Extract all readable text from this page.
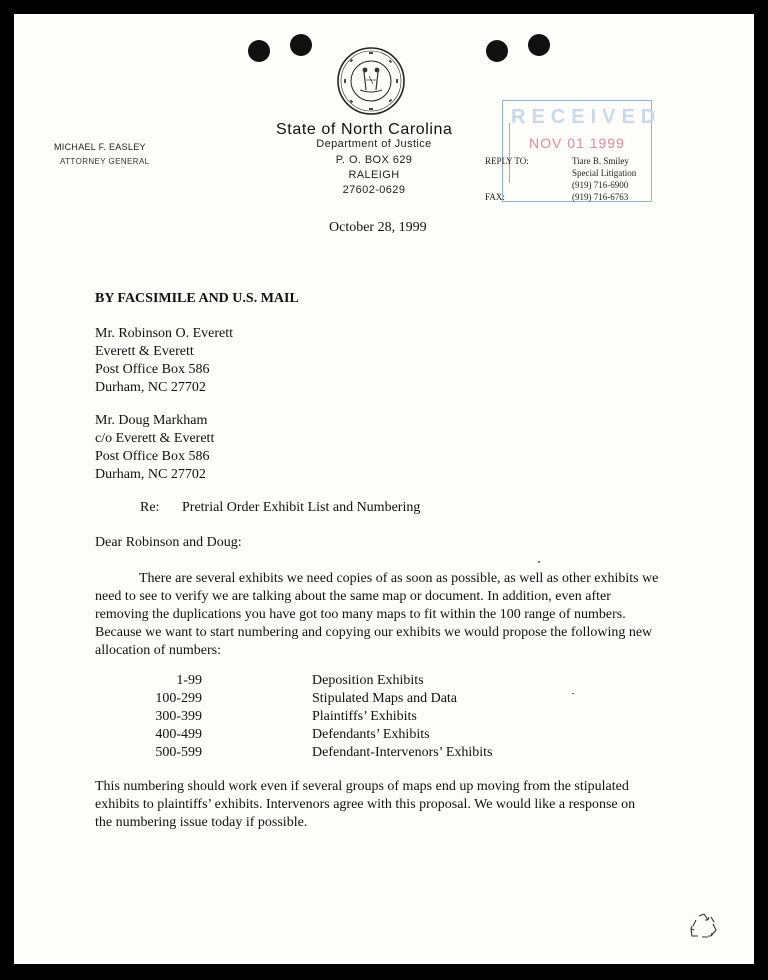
MICHAEL F. EASLEY
ATTORNEY GENERAL
State of North Carolina
Department of Justice
P. O. BOX 629
RALEIGH
27602-0629
RECEIVED
NOV 01 1999
REPLY TO:	Tiare B. Smiley
Special Litigation
(919) 716-6900
FAX:	(919) 716-6763
October 28, 1999
BY FACSIMILE AND U.S. MAIL
Mr. Robinson O. Everett
Everett & Everett
Post Office Box 586
Durham, NC 27702
Mr. Doug Markham
c/o Everett & Everett
Post Office Box 586
Durham, NC 27702
Re: Pretrial Order Exhibit List and Numbering
Dear Robinson and Doug:
There are several exhibits we need copies of as soon as possible, as well as other exhibits we
need to see to verify we are talking about the same map or document. In addition, even after
removing the duplications you have got too many maps to fit within the 100 range of numbers.
Because we want to start numbering and copying our exhibits we would propose the following new
allocation of numbers:
1-99	Deposition Exhibits
100-299	Stipulated Maps and Data
300-399	Plaintiffs’ Exhibits
400-499	Defendants’ Exhibits
500-599	Defendant-Intervenors’ Exhibits
This numbering should work even if several groups of maps end up moving from the stipulated
exhibits to plaintiffs’ exhibits. Intervenors agree with this proposal. We would like a response on
the numbering issue today if possible.
